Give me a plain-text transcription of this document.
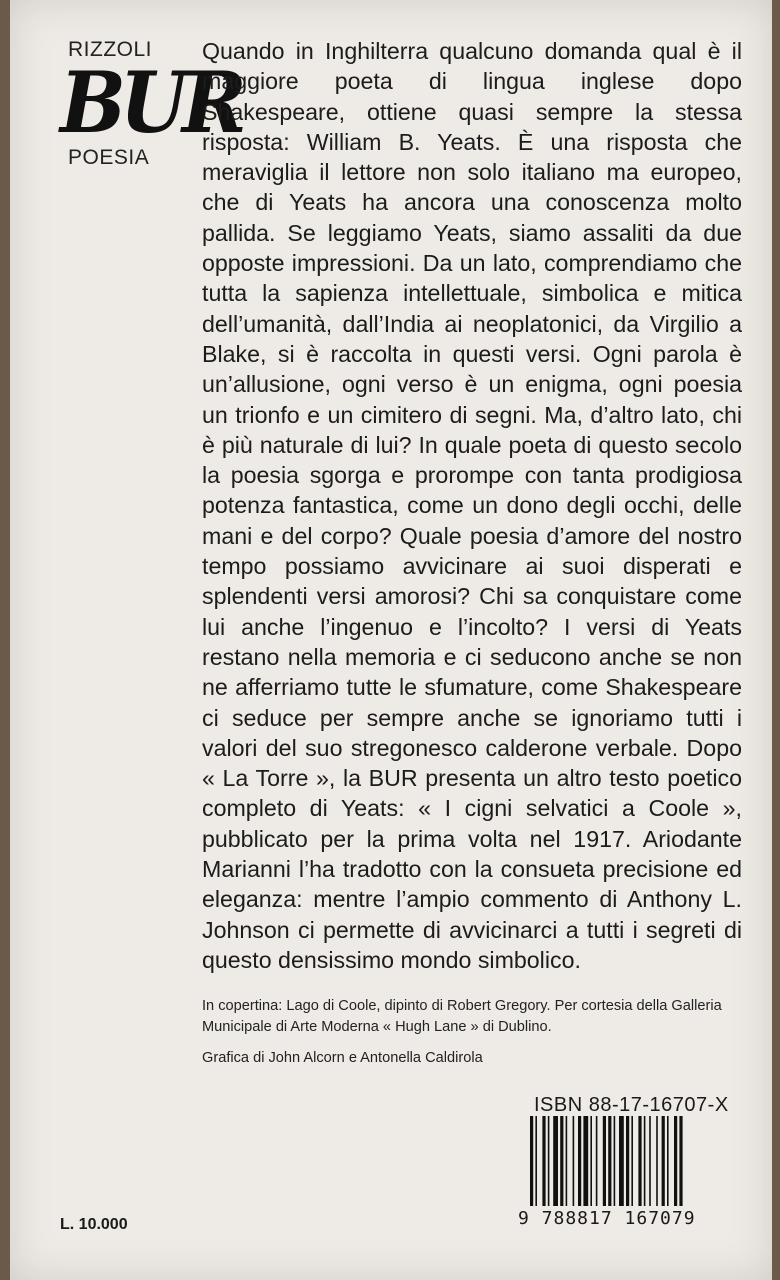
RIZZOLI
BUR
POESIA

Quando in Inghilterra qualcuno domanda qual è il maggiore poeta di lingua inglese dopo Shakespeare, ottiene quasi sempre la stessa risposta: William B. Yeats. È una risposta che meraviglia il lettore non solo italiano ma europeo, che di Yeats ha ancora una conoscenza molto pallida. Se leggiamo Yeats, siamo assaliti da due opposte impressioni. Da un lato, comprendiamo che tutta la sapienza intellettuale, simbolica e mitica dell’umanità, dall’India ai neoplatonici, da Virgilio a Blake, si è raccolta in questi versi. Ogni parola è un’allusione, ogni verso è un enigma, ogni poesia un trionfo e un cimitero di segni. Ma, d’altro lato, chi è più naturale di lui? In quale poeta di questo secolo la poesia sgorga e prorompe con tanta prodigiosa potenza fantastica, come un dono degli occhi, delle mani e del corpo? Quale poesia d’amore del nostro tempo possiamo avvicinare ai suoi disperati e splendenti versi amorosi? Chi sa conquistare come lui anche l’ingenuo e l’incolto? I versi di Yeats restano nella memoria e ci seducono anche se non ne afferriamo tutte le sfumature, come Shakespeare ci seduce per sempre anche se ignoriamo tutti i valori del suo stregonesco calderone verbale. Dopo « La Torre », la BUR presenta un altro testo poetico completo di Yeats: « I cigni selvatici a Coole », pubblicato per la prima volta nel 1917. Ariodante Marianni l’ha tradotto con la consueta precisione ed eleganza: mentre l’ampio commento di Anthony L. Johnson ci permette di avvicinarci a tutti i segreti di questo densissimo mondo simbolico.

In copertina: Lago di Coole, dipinto di Robert Gregory. Per cortesia della Galleria Municipale di Arte Moderna « Hugh Lane » di Dublino.

Grafica di John Alcorn e Antonella Caldirola

ISBN 88-17-16707-X
9 788817 167079
L. 10.000
